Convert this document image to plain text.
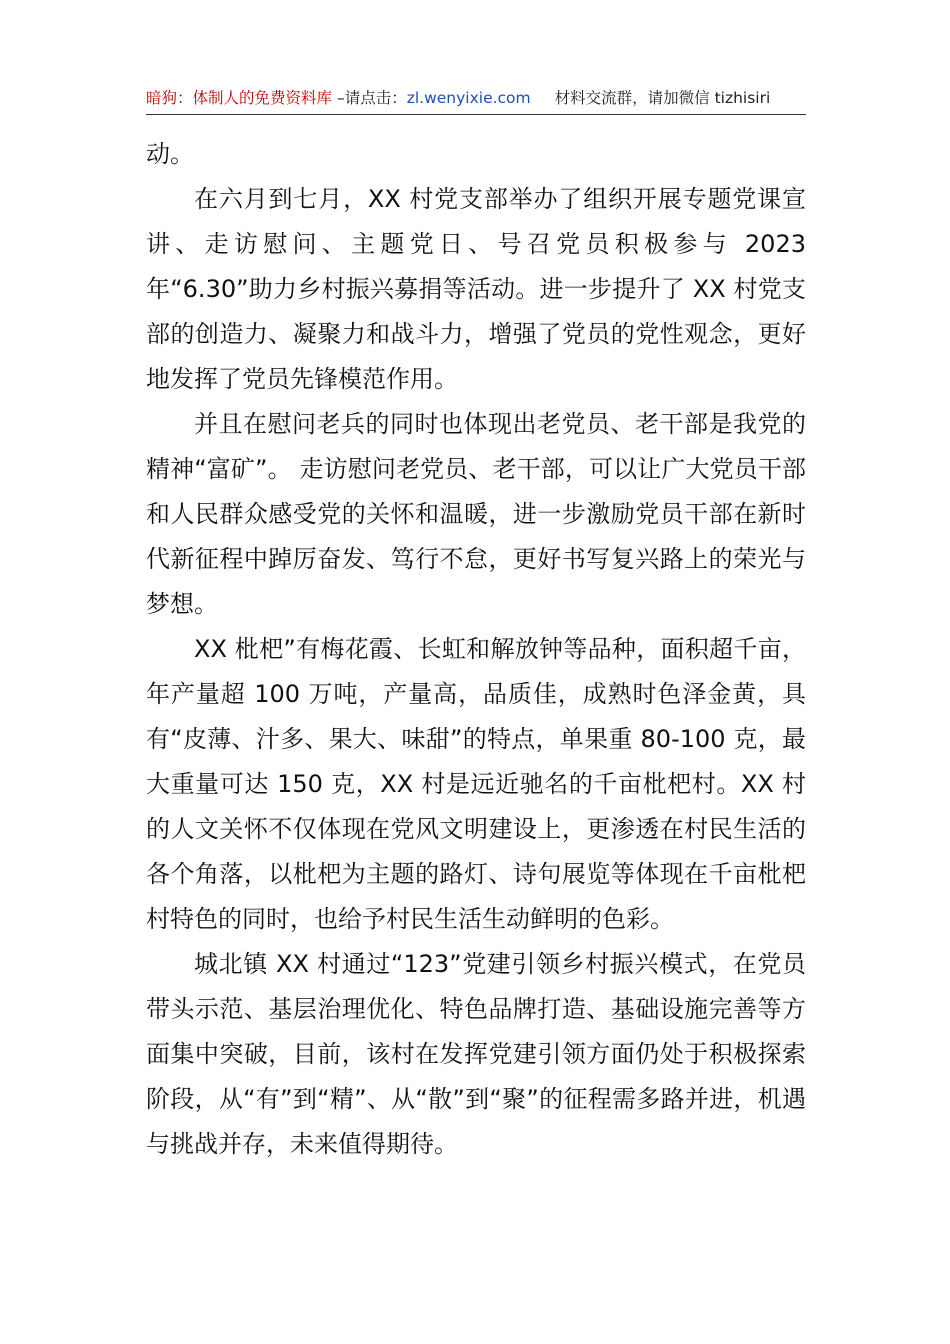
暗狗：体制人的免费资料库 –请点击：zl.wenyixie.com 材料交流群，请加微信 tizhisiri

动。

在六月到七月，XX 村党支部举办了组织开展专题党课宣讲、走访慰问、主题党日、号召党员积极参与 2023 年“6.30”助力乡村振兴募捐等活动。进一步提升了 XX 村党支部的创造力、凝聚力和战斗力，增强了党员的党性观念，更好地发挥了党员先锋模范作用。

并且在慰问老兵的同时也体现出老党员、老干部是我党的精神“富矿”。 走访慰问老党员、老干部，可以让广大党员干部和人民群众感受党的关怀和温暖，进一步激励党员干部在新时代新征程中踔厉奋发、笃行不怠，更好书写复兴路上的荣光与梦想。

XX 枇杷”有梅花霞、长虹和解放钟等品种，面积超千亩，年产量超 100 万吨，产量高，品质佳，成熟时色泽金黄，具有“皮薄、汁多、果大、味甜”的特点，单果重 80-100 克，最大重量可达 150 克，XX 村是远近驰名的千亩枇杷村。XX 村的人文关怀不仅体现在党风文明建设上，更渗透在村民生活的各个角落，以枇杷为主题的路灯、诗句展览等体现在千亩枇杷村特色的同时，也给予村民生活生动鲜明的色彩。

城北镇 XX 村通过“123”党建引领乡村振兴模式，在党员带头示范、基层治理优化、特色品牌打造、基础设施完善等方面集中突破，目前，该村在发挥党建引领方面仍处于积极探索阶段，从“有”到“精”、从“散”到“聚”的征程需多路并进，机遇与挑战并存，未来值得期待。
